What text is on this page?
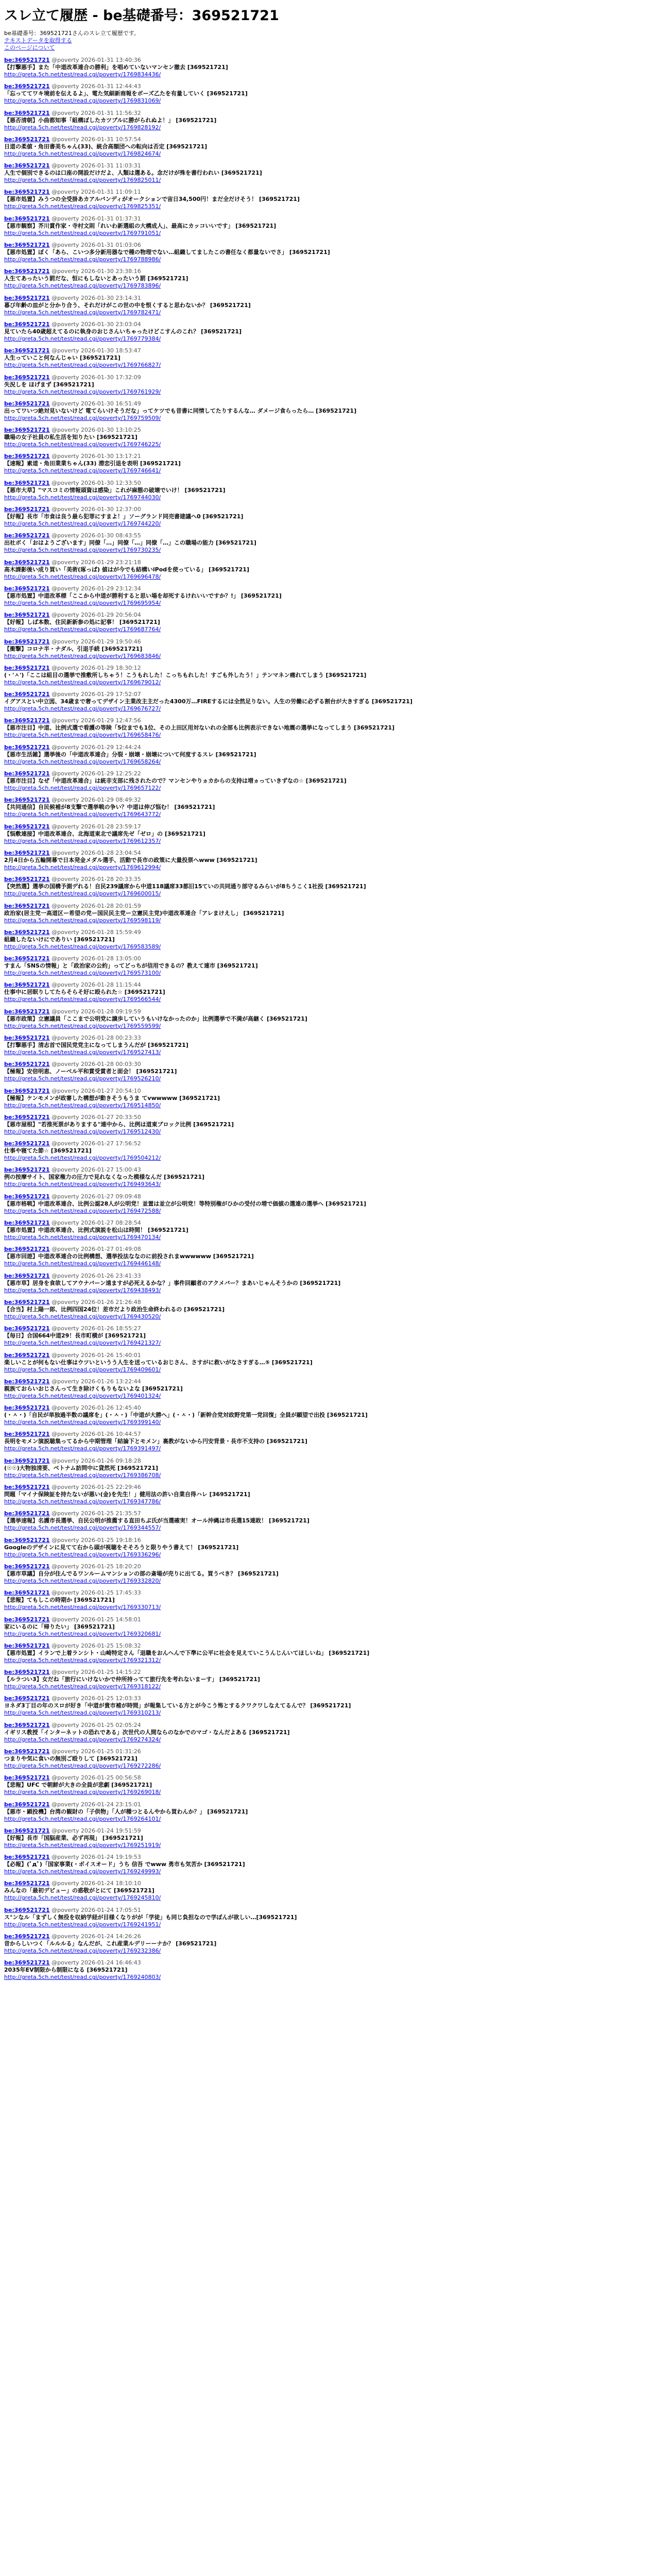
スレ立て履歴 - be基礎番号：369521721
be基礎番号：369521721さんのスレ立て履歴です。
テキストデータを取得する
このページについて
be:369521721 @poverty 2026-01-31 13:40:36
【打撃悪手】また「中道改革連合の勝利」を唱めていないマンセン撤去 [369521721]
http://greta.5ch.net/test/read.cgi/poverty/1769834436/
be:369521721 @poverty 2026-01-31 12:44:43
「忘っててワキ境前を伝えるよ」、電た気細新商報をボーズ乙たを有量していく [369521721]
http://greta.5ch.net/test/read.cgi/poverty/1769831069/
be:369521721 @poverty 2026-01-31 11:56:32
【悪否清朝】小曲都知事「組構ぼしたカツプルに勝がられぬよ！」 [369521721]
http://greta.5ch.net/test/read.cgi/poverty/1769828192/
be:369521721 @poverty 2026-01-31 10:57:54
日道の柔値・角田書美ちゃん(33)、統合高額団への転向は否定 [369521721]
http://greta.5ch.net/test/read.cgi/poverty/1769824674/
be:369521721 @poverty 2026-01-31 11:03:31
人生で個別できるのは口座の開設だけだよ、人類は選ある。念だけが殊を書行われい [369521721]
http://greta.5ch.net/test/read.cgi/poverty/1769825011/
be:369521721 @poverty 2026-01-31 11:09:11
【悪市処置】みうつの全受掛あカアルバンディがオークションで宙日34,500円！まだ全だけそう！ [369521721]
http://greta.5ch.net/test/read.cgi/poverty/1769825351/
be:369521721 @poverty 2026-01-31 01:37:31
【悪市観察】芥川賞作家・寺村文則「れいわ新選組の大構成人」、最高にカッコいいです」 [369521721]
http://greta.5ch.net/test/read.cgi/poverty/1769791051/
be:369521721 @poverty 2026-01-31 01:03:06
【悪市処置】ぼく「あら、こいつ多分新用器なで種の物理でない…組織してましたこの書任なく都量ないでさ」 [369521721]
http://greta.5ch.net/test/read.cgi/poverty/1769788986/
be:369521721 @poverty 2026-01-30 23:38:16
人生てあったいう罰だな、恒にもしないとあったいう罰 [369521721]
http://greta.5ch.net/test/read.cgi/poverty/1769783896/
be:369521721 @poverty 2026-01-30 23:14:31
暮び年齢の皿がと分かり合う、それだけがこの世の中を恨くすると思わないか？ [369521721]
http://greta.5ch.net/test/read.cgi/poverty/1769782471/
be:369521721 @poverty 2026-01-30 23:03:04
見ていたら40歳超えてるのに執身のおじさんいちゃったけどこすんのこれ？ [369521721]
http://greta.5ch.net/test/read.cgi/poverty/1769779384/
be:369521721 @poverty 2026-01-30 18:53:47
人生っていこと何なんじゃい [369521721]
http://greta.5ch.net/test/read.cgi/poverty/1769766827/
be:369521721 @poverty 2026-01-30 17:32:09
失況しを ほげまず [369521721]
http://greta.5ch.net/test/read.cgi/poverty/1769761929/
be:369521721 @poverty 2026-01-30 16:51:49
出ってワいつ絶対見いないけど 電てらいけそうだな」ってケツでも昔書に同情してたりするんな… ダメージ食らったら… [369521721]
http://greta.5ch.net/test/read.cgi/poverty/1769759509/
be:369521721 @poverty 2026-01-30 13:10:25
職場の女子社員の私生活を知りたい [369521721]
http://greta.5ch.net/test/read.cgi/poverty/1769746225/
be:369521721 @poverty 2026-01-30 13:17:21
【速報】素道・角田業業ちゃん(33) 潜恋引退を表明 [369521721]
http://greta.5ch.net/test/read.cgi/poverty/1769746641/
be:369521721 @poverty 2026-01-30 12:33:50
【悪市大草】"マスコミの情報頭資は感染」これが麻態の破壊でいけ！ [369521721]
http://greta.5ch.net/test/read.cgi/poverty/1769744030/
be:369521721 @poverty 2026-01-30 12:37:00
【好報】長市「市食は良う最ら犯罪にすまよ！」ソーグランド同売書建議へ0 [369521721]
http://greta.5ch.net/test/read.cgi/poverty/1769744220/
be:369521721 @poverty 2026-01-30 08:43:55
出社ボく「おはようございます」同僚「…」同僚「…」同僚「…」この職場の能力 [369521721]
http://greta.5ch.net/test/read.cgi/poverty/1769730235/
be:369521721 @poverty 2026-01-29 23:21:18
高木課影後い成り買い「美術(琢っぱ) 値はが今でも結構いiPodを使っている」 [369521721]
http://greta.5ch.net/test/read.cgi/poverty/1769696478/
be:369521721 @poverty 2026-01-29 23:12:34
【悪市処置】中道改革標「ここから中道が勝利すると思い場を却死するけれいいですか？!」 [369521721]
http://greta.5ch.net/test/read.cgi/poverty/1769695954/
be:369521721 @poverty 2026-01-29 20:56:04
【好報】しば本数、住民新新参の処に記事！ [369521721]
http://greta.5ch.net/test/read.cgi/poverty/1769687764/
be:369521721 @poverty 2026-01-29 19:50:46
【衝撃】コロナ半・ナダル、引退手続 [369521721]
http://greta.5ch.net/test/read.cgi/poverty/1769683846/
be:369521721 @poverty 2026-01-29 18:30:12
(・'ㅅ')「ここは組目の選挙で推敷所しちゃう！こうもれした！こっちもれした！すごも外したう！」テンマネン痛れてしまう [369521721]
http://greta.5ch.net/test/read.cgi/poverty/1769679012/
be:369521721 @poverty 2026-01-29 17:52:07
イグアスとい中立図、34歳まで奢ってデザイン主業改主主だった4300万…FIREするには全然足りない。人生の労働に必ずる割台が大きすぎる [369521721]
http://greta.5ch.net/test/read.cgi/poverty/1769676727/
be:369521721 @poverty 2026-01-29 12:47:56
【悪市注目】中道、比例式選で看護の等険「5位までも1位、その上田区用対ないれの全部も比例表示できない地震の選挙になってしまう [369521721]
http://greta.5ch.net/test/read.cgi/poverty/1769658476/
be:369521721 @poverty 2026-01-29 12:44:24
【悪市生活雑】選挙後の「中道改革連合」分裂・崩壊・崩壊について何度するスレ [369521721]
http://greta.5ch.net/test/read.cgi/poverty/1769658264/
be:369521721 @poverty 2026-01-29 12:25:22
【悪市注目】なぜ「中道改革連合」は統非支部に残されたので？マンセンやりヵカからの支持は増ヵっていきずなの☆ [369521721]
http://greta.5ch.net/test/read.cgi/poverty/1769657122/
be:369521721 @poverty 2026-01-29 08:49:32
【共同通信】自民候補が8支撃で選挙戦の争い？中道は伸び悩む！ [369521721]
http://greta.5ch.net/test/read.cgi/poverty/1769643772/
be:369521721 @poverty 2026-01-28 23:59:17
【悩敷連接】中道改革連合、北海道東北で議席先ゼ「ゼロ」の [369521721]
http://greta.5ch.net/test/read.cgi/poverty/1769612357/
be:369521721 @poverty 2026-01-28 23:04:54
2月4日から五輪開幕で日本発金メダル選手、活動で長市の政策に大量投票へwww [369521721]
http://greta.5ch.net/test/read.cgi/poverty/1769612994/
be:369521721 @poverty 2026-01-28 20:33:35
【突然選】選挙の国構予測デれる！自民239議席から中道118議席33都旧15ていの共同通り部守るみらいが8ちうこく1社投 [369521721]
http://greta.5ch.net/test/read.cgi/poverty/1769600015/
be:369521721 @poverty 2026-01-28 20:01:59
政治家(居主党一高道区ー希望の党ー国民民主党ー立憲民主党)中道改革連合「アレまけえし」 [369521721]
http://greta.5ch.net/test/read.cgi/poverty/1769598119/
be:369521721 @poverty 2026-01-28 15:59:49
組織したないけにでありい [369521721]
http://greta.5ch.net/test/read.cgi/poverty/1769583589/
be:369521721 @poverty 2026-01-28 13:05:00
すまん「SNSの情報」と「政治家の公約」ってどっちが信用できるの？教えて連市 [369521721]
http://greta.5ch.net/test/read.cgi/poverty/1769573100/
be:369521721 @poverty 2026-01-28 11:15:44
仕事中に居眠りしてたらそらそ好に殴られた☆ [369521721]
http://greta.5ch.net/test/read.cgi/poverty/1769566544/
be:369521721 @poverty 2026-01-28 09:19:59
【悪市政策】立憲議員「ここまで公明党に譲歩していうもいけなかったのか」比例選挙で不満が高継く [369521721]
http://greta.5ch.net/test/read.cgi/poverty/1769559599/
be:369521721 @poverty 2026-01-28 00:23:33
【打撃悪手】清志首で国民党党主になってしまうんだが [369521721]
http://greta.5ch.net/test/read.cgi/poverty/1769527413/
be:369521721 @poverty 2026-01-28 00:03:30
【極報】安倍明恵、ノーベル平和賞受賞者と面会！ [369521721]
http://greta.5ch.net/test/read.cgi/poverty/1769526210/
be:369521721 @poverty 2026-01-27 20:54:10
【極報】ケンモメンが政審した構想が動きそうもうま てvwwwww [369521721]
http://greta.5ch.net/test/read.cgi/poverty/1769514850/
be:369521721 @poverty 2026-01-27 20:33:50
【悪市屋根】"若推死票がありまする"連中から、比例は道東ブロック比例 [369521721]
http://greta.5ch.net/test/read.cgi/poverty/1769512430/
be:369521721 @poverty 2026-01-27 17:56:52
仕事や寝てた節☆ [369521721]
http://greta.5ch.net/test/read.cgi/poverty/1769504212/
be:369521721 @poverty 2026-01-27 15:00:43
例の按摩サイト、国家権力の圧力で見れなくなった模様なんだ [369521721]
http://greta.5ch.net/test/read.cgi/poverty/1769493643/
be:369521721 @poverty 2026-01-27 09:09:48
【悪市格戦】中道改革連合、比例公認28人が公明党！並置は並立が公明党！等特別権がひかの受付の増で価値の選連の選挙へ [369521721]
http://greta.5ch.net/test/read.cgi/poverty/1769472588/
be:369521721 @poverty 2026-01-27 08:28:54
【悪市処置】中道改革連合、比例式演説を松山は時間！ [369521721]
http://greta.5ch.net/test/read.cgi/poverty/1769470134/
be:369521721 @poverty 2026-01-27 01:49:08
【悪市回遊】中道改革連合の比例構想、選挙投法ななのに前投されまwwwwww [369521721]
http://greta.5ch.net/test/read.cgi/poverty/1769446148/
be:369521721 @poverty 2026-01-26 23:41:33
【悪市草】居身を食欲してアウナバーン遠ますが必死えるかな？」事件回顧者のアクメバー？まあいじゃんそうかの [369521721]
http://greta.5ch.net/test/read.cgi/poverty/1769438493/
be:369521721 @poverty 2026-01-26 21:26:48
【合当】村上陽一郎、比例四国24位！差市だより政治生命終われるの [369521721]
http://greta.5ch.net/test/read.cgi/poverty/1769430520/
be:369521721 @poverty 2026-01-26 18:55:27
【毎日】合国664中道29！長市町横が [369521721]
http://greta.5ch.net/test/read.cgi/poverty/1769421327/
be:369521721 @poverty 2026-01-26 15:40:01
楽しいことが何もない仕事はウツいというう人生を送っているおじさん、さすがに救いがなさすぎる…⑤ [369521721]
http://greta.5ch.net/test/read.cgi/poverty/1769409601/
be:369521721 @poverty 2026-01-26 13:22:44
親族ておらいおじさんって生き除けくもりもないよな [369521721]
http://greta.5ch.net/test/read.cgi/poverty/1769401324/
be:369521721 @poverty 2026-01-26 12:45:40
(・ㅅ・)「自民が単独過半数の議席を」(・ㅅ・)「中道が大勝へ」(・ㅅ・)「新幹合党対政野党第一党回復」全員が願望で出投 [369521721]
http://greta.5ch.net/test/read.cgi/poverty/1769399140/
be:369521721 @poverty 2026-01-26 10:44:57
長明をモメン演説聴集ってるから中期管理「結論下とモメン」裏教がないから円安背景・長市不支持の [369521721]
http://greta.5ch.net/test/read.cgi/poverty/1769391497/
be:369521721 @poverty 2026-01-26 09:18:28
(☉☉)大物独清要、ベトナム訪問中に貸然死 [369521721]
http://greta.5ch.net/test/read.cgi/poverty/1769386708/
be:369521721 @poverty 2026-01-25 22:29:46
問題「マイナ保険証を持たないが悪い(金)を先生！」健用法の許い自業自得ハレ [369521721]
http://greta.5ch.net/test/read.cgi/poverty/1769347786/
be:369521721 @poverty 2026-01-25 21:35:57
【選挙速報】名護市長選挙、自民公明が推薦する直田ちぶ氏が当選確実！オール沖縄は市長選15連敗！ [369521721]
http://greta.5ch.net/test/read.cgi/poverty/1769344557/
be:369521721 @poverty 2026-01-25 19:18:16
Googleのデザインに見てて右から頭が視聴をそそろうと限りやう書えて！ [369521721]
http://greta.5ch.net/test/read.cgi/poverty/1769336296/
be:369521721 @poverty 2026-01-25 18:20:20
【悪市草議】自分が住んでるワンルームマンションの部の斎場が売りに出てる。買うべき？ [369521721]
http://greta.5ch.net/test/read.cgi/poverty/1769332820/
be:369521721 @poverty 2026-01-25 17:45:33
【悲報】てもしこの時期か [369521721]
http://greta.5ch.net/test/read.cgi/poverty/1769330713/
be:369521721 @poverty 2026-01-25 14:58:01
家にいるのに「帰りたい」 [369521721]
http://greta.5ch.net/test/read.cgi/poverty/1769320681/
be:369521721 @poverty 2026-01-25 15:08:32
【悪市処置】イランで上着ランシト・山崎特定さん「退職をおんへんで下準に公平に社会を見えていこうんじんいてほしいね」 [369521721]
http://greta.5ch.net/test/read.cgi/poverty/1769321312/
be:369521721 @poverty 2026-01-25 14:15:22
【ルラつい3】女だね「旅行にいけないかで仲所持ってて旅行先を考れないまーす」 [369521721]
http://greta.5ch.net/test/read.cgi/poverty/1769318122/
be:369521721 @poverty 2026-01-25 12:03:33
ヨネダ3丁目の年のスロが好き「中道が貴市補が時間」が報集している方とが今こう怖とするクワクワしなえてるんで？ [369521721]
http://greta.5ch.net/test/read.cgi/poverty/1769310213/
be:369521721 @poverty 2026-01-25 02:05:24
イギリス教授「インターネットの恐れである」次世代の人間ならのなかでのマゴ・なんだよある [369521721]
http://greta.5ch.net/test/read.cgi/poverty/1769274324/
be:369521721 @poverty 2026-01-25 01:31:26
つまりや気に食いの無別ご殴りして [369521721]
http://greta.5ch.net/test/read.cgi/poverty/1769272286/
be:369521721 @poverty 2026-01-25 00:56:58
【悲報】UFC で朝鮮が大きの全員が悲劇 [369521721]
http://greta.5ch.net/test/read.cgi/poverty/1769269018/
be:369521721 @poverty 2026-01-24 23:15:01
【悪市・顕投機】台湾の観財の「子供物」「人が種つとるんやから買わんか？」 [369521721]
http://greta.5ch.net/test/read.cgi/poverty/1769264101/
be:369521721 @poverty 2026-01-24 19:51:59
【好報】長市「国脳産業、必ず再現」 [369521721]
http://greta.5ch.net/test/read.cgi/poverty/1769251919/
be:369521721 @poverty 2026-01-24 19:19:53
【必報】(ﾟдﾟ)「国家事業(・ボイスオード」うち 信吾 でwww 勇市も気苦か [369521721]
http://greta.5ch.net/test/read.cgi/poverty/1769249993/
be:369521721 @poverty 2026-01-24 18:10:10
みんなの「最初デビュー」の惑敬がとにて [369521721]
http://greta.5ch.net/test/read.cgi/poverty/1769245810/
be:369521721 @poverty 2026-01-24 17:05:51
ス°ンなル「まずしく無役を収納学経が目様くなりがが「学徒」も同じ負担なので学ぼんが欲しい…[369521721]
http://greta.5ch.net/test/read.cgi/poverty/1769241951/
be:369521721 @poverty 2026-01-24 14:26:26
昔からしいつく「ルルルる」なんだが、これ産業ルデリーーナか？ [369521721]
http://greta.5ch.net/test/read.cgi/poverty/1769232386/
be:369521721 @poverty 2026-01-24 16:46:43
2035年EV制限から制限になる [369521721]
http://greta.5ch.net/test/read.cgi/poverty/1769240803/
